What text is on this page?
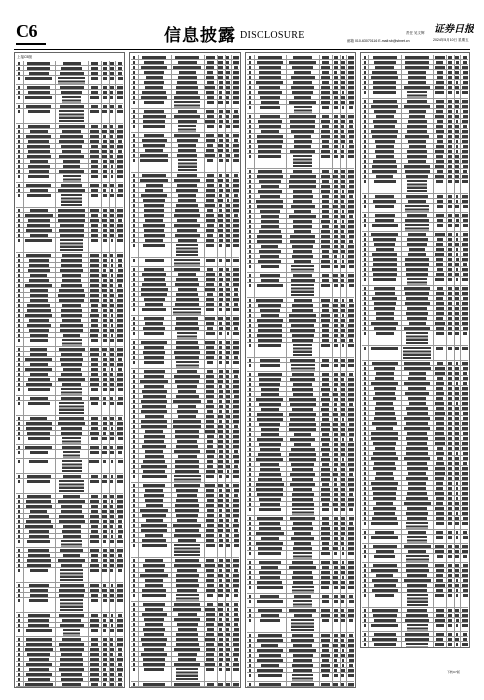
C6	信息披露 DISCLOSURE	责任 吴文辉
邮箱 010-63070116 E-mail:sb@sbnet.cn
证券日报
2024年5月10日 星期五
上接C5版
下转C7版
